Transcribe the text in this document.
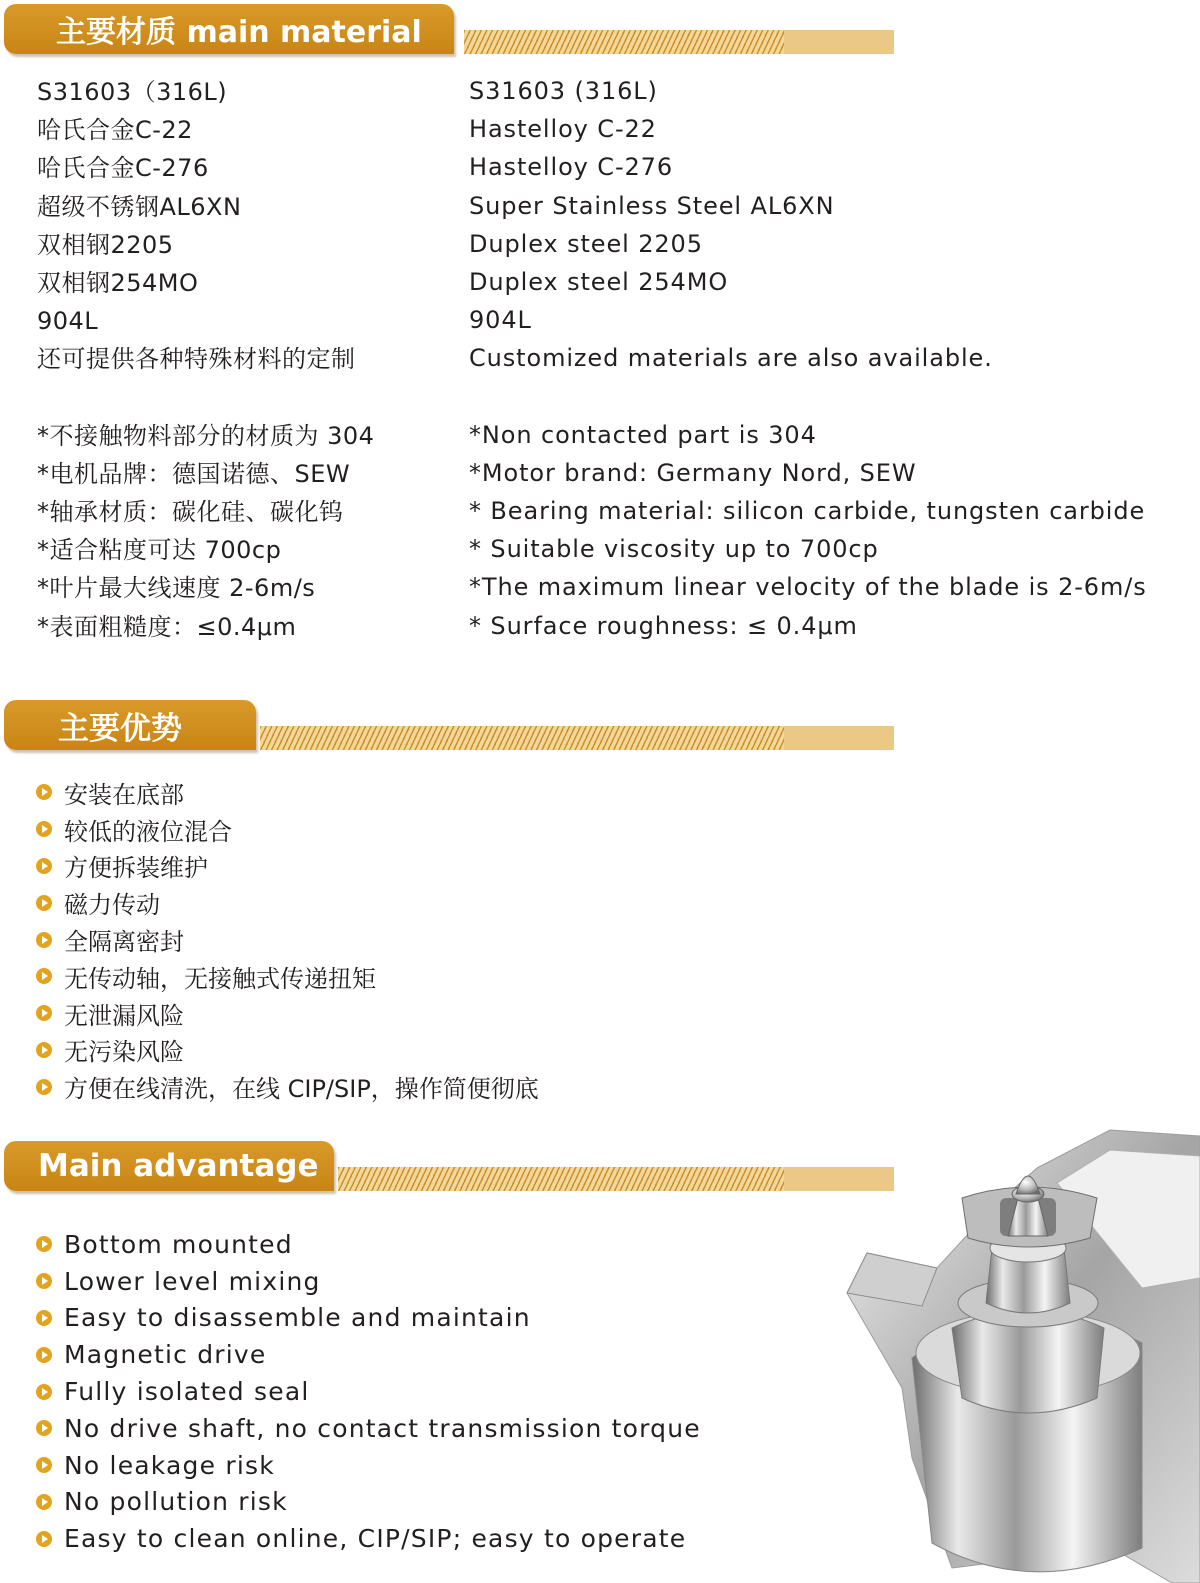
主要材质 main material
S31603（316L)
哈氏合金C-22
哈氏合金C-276
超级不锈钢AL6XN
双相钢2205
双相钢254MO
904L
还可提供各种特殊材料的定制
*不接触物料部分的材质为 304
*电机品牌：德国诺德、SEW
*轴承材质：碳化硅、碳化钨
*适合粘度可达 700cp
*叶片最大线速度 2-6m/s
*表面粗糙度：≤0.4μm
S31603 (316L)
Hastelloy C-22
Hastelloy C-276
Super Stainless Steel AL6XN
Duplex steel 2205
Duplex steel 254MO
904L
Customized materials are also available.
*Non contacted part is 304
*Motor brand: Germany Nord, SEW
* Bearing material: silicon carbide, tungsten carbide
* Suitable viscosity up to 700cp
*The maximum linear velocity of the blade is 2-6m/s
* Surface roughness: ≤ 0.4μm
主要优势
安装在底部
较低的液位混合
方便拆装维护
磁力传动
全隔离密封
无传动轴，无接触式传递扭矩
无泄漏风险
无污染风险
方便在线清洗，在线 CIP/SIP，操作简便彻底
Main advantage
Bottom mounted
Lower level mixing
Easy to disassemble and maintain
Magnetic drive
Fully isolated seal
No drive shaft, no contact transmission torque
No leakage risk
No pollution risk
Easy to clean online, CIP/SIP; easy to operate
